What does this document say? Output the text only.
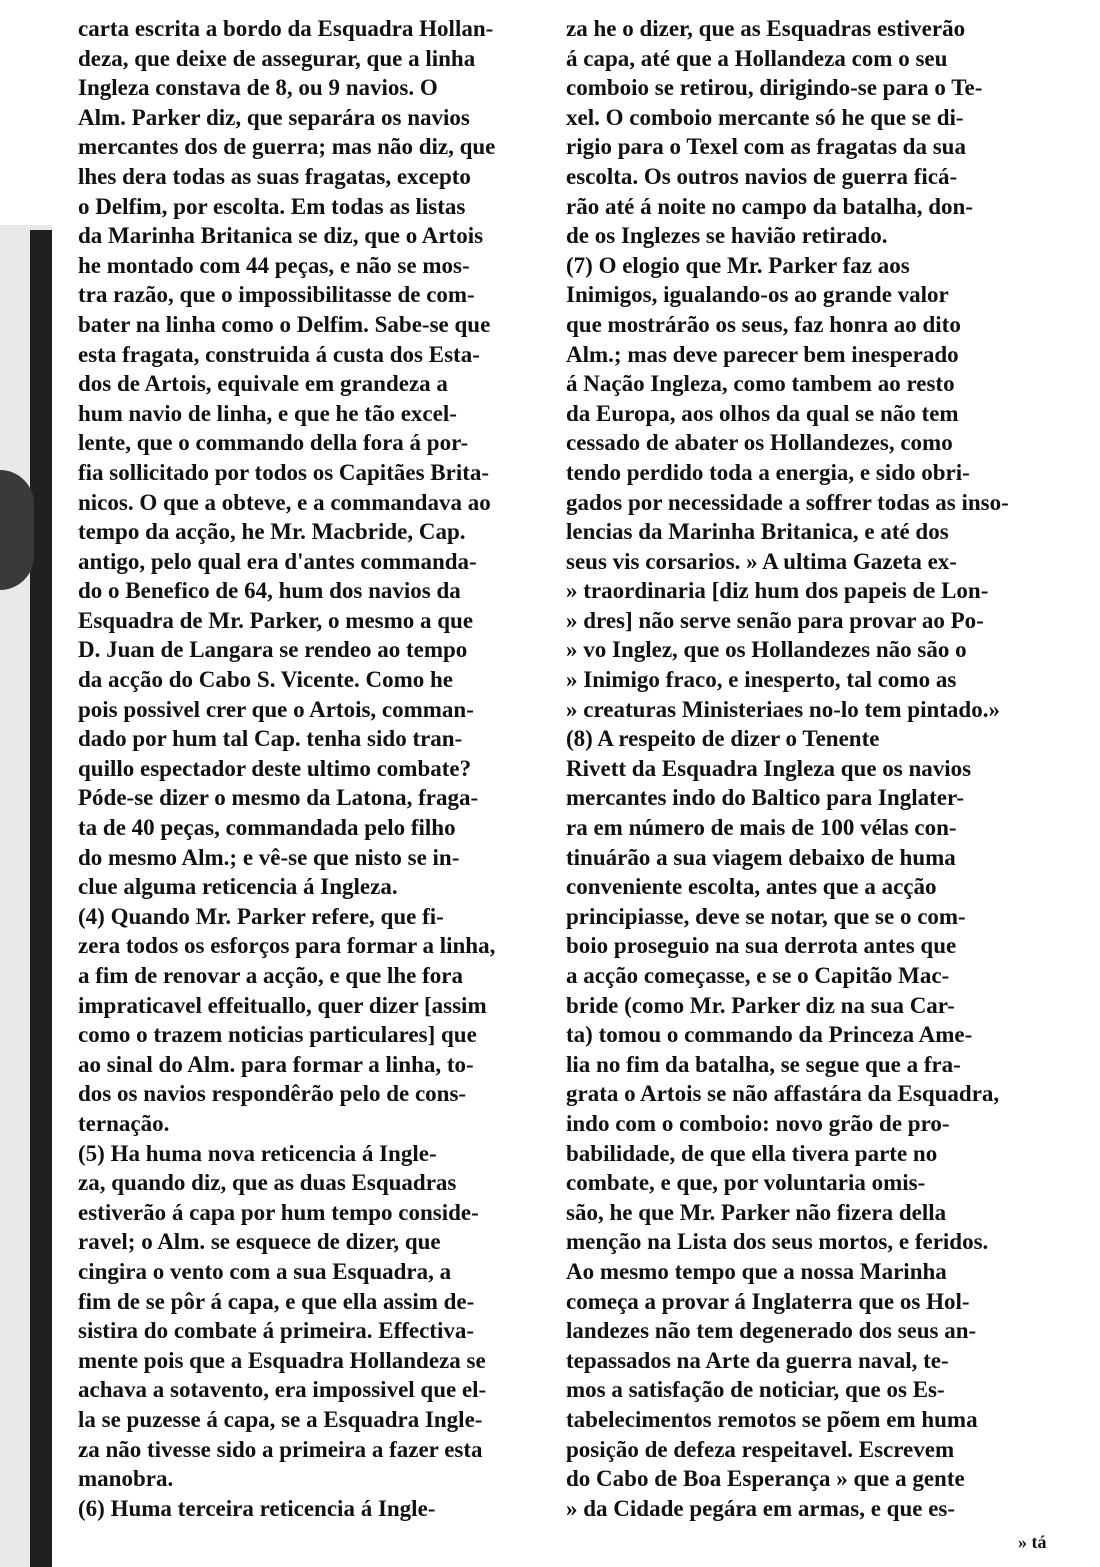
carta escrita a bordo da Esquadra Hollan-
deza, que deixe de assegurar, que a linha
Ingleza constava de 8, ou 9 navios. O
Alm. Parker diz, que separára os navios
mercantes dos de guerra; mas não diz, que
lhes dera todas as suas fragatas, excepto
o Delfim, por escolta. Em todas as listas
da Marinha Britanica se diz, que o Artois
he montado com 44 peças, e não se mos-
tra razão, que o impossibilitasse de com-
bater na linha como o Delfim. Sabe-se que
esta fragata, construida á custa dos Esta-
dos de Artois, equivale em grandeza a
hum navio de linha, e que he tão excel-
lente, que o commando della fora á por-
fia sollicitado por todos os Capitães Brita-
nicos. O que a obteve, e a commandava ao
tempo da acção, he Mr. Macbride, Cap.
antigo, pelo qual era d'antes commanda-
do o Benefico de 64, hum dos navios da
Esquadra de Mr. Parker, o mesmo a que
D. Juan de Langara se rendeo ao tempo
da acção do Cabo S. Vicente. Como he
pois possivel crer que o Artois, comman-
dado por hum tal Cap. tenha sido tran-
quillo espectador deste ultimo combate?
Póde-se dizer o mesmo da Latona, fraga-
ta de 40 peças, commandada pelo filho
do mesmo Alm.; e vê-se que nisto se in-
clue alguma reticencia á Ingleza.
(4) Quando Mr. Parker refere, que fi-
zera todos os esforços para formar a linha,
a fim de renovar a acção, e que lhe fora
impraticavel effeituallo, quer dizer [assim
como o trazem noticias particulares] que
ao sinal do Alm. para formar a linha, to-
dos os navios respondêrão pelo de cons-
ternação.
(5) Ha huma nova reticencia á Ingle-
za, quando diz, que as duas Esquadras
estiverão á capa por hum tempo conside-
ravel; o Alm. se esquece de dizer, que
cingira o vento com a sua Esquadra, a
fim de se pôr á capa, e que ella assim de-
sistira do combate á primeira. Effectiva-
mente pois que a Esquadra Hollandeza se
achava a sotavento, era impossivel que el-
la se puzesse á capa, se a Esquadra Ingle-
za não tivesse sido a primeira a fazer esta
manobra.
(6) Huma terceira reticencia á Ingle-
za he o dizer, que as Esquadras estiverão
á capa, até que a Hollandeza com o seu
comboio se retirou, dirigindo-se para o Te-
xel. O comboio mercante só he que se di-
rigio para o Texel com as fragatas da sua
escolta. Os outros navios de guerra ficá-
rão até á noite no campo da batalha, don-
de os Inglezes se havião retirado.
(7) O elogio que Mr. Parker faz aos
Inimigos, igualando-os ao grande valor
que mostrárão os seus, faz honra ao dito
Alm.; mas deve parecer bem inesperado
á Nação Ingleza, como tambem ao resto
da Europa, aos olhos da qual se não tem
cessado de abater os Hollandezes, como
tendo perdido toda a energia, e sido obri-
gados por necessidade a soffrer todas as inso-
lencias da Marinha Britanica, e até dos
seus vis corsarios. » A ultima Gazeta ex-
» traordinaria [diz hum dos papeis de Lon-
» dres] não serve senão para provar ao Po-
» vo Inglez, que os Hollandezes não são o
» Inimigo fraco, e inesperto, tal como as
» creaturas Ministeriaes no-lo tem pintado.»
(8) A respeito de dizer o Tenente
Rivett da Esquadra Ingleza que os navios
mercantes indo do Baltico para Inglater-
ra em número de mais de 100 vélas con-
tinuárão a sua viagem debaixo de huma
conveniente escolta, antes que a acção
principiasse, deve se notar, que se o com-
boio proseguio na sua derrota antes que
a acção começasse, e se o Capitão Mac-
bride (como Mr. Parker diz na sua Car-
ta) tomou o commando da Princeza Ame-
lia no fim da batalha, se segue que a fra-
grata o Artois se não affastára da Esquadra,
indo com o comboio: novo grão de pro-
babilidade, de que ella tivera parte no
combate, e que, por voluntaria omis-
são, he que Mr. Parker não fizera della
menção na Lista dos seus mortos, e feridos.
Ao mesmo tempo que a nossa Marinha
começa a provar á Inglaterra que os Hol-
landezes não tem degenerado dos seus an-
tepassados na Arte da guerra naval, te-
mos a satisfação de noticiar, que os Es-
tabelecimentos remotos se põem em huma
posição de defeza respeitavel. Escrevem
do Cabo de Boa Esperança » que a gente
» da Cidade pegára em armas, e que es-
» tá
